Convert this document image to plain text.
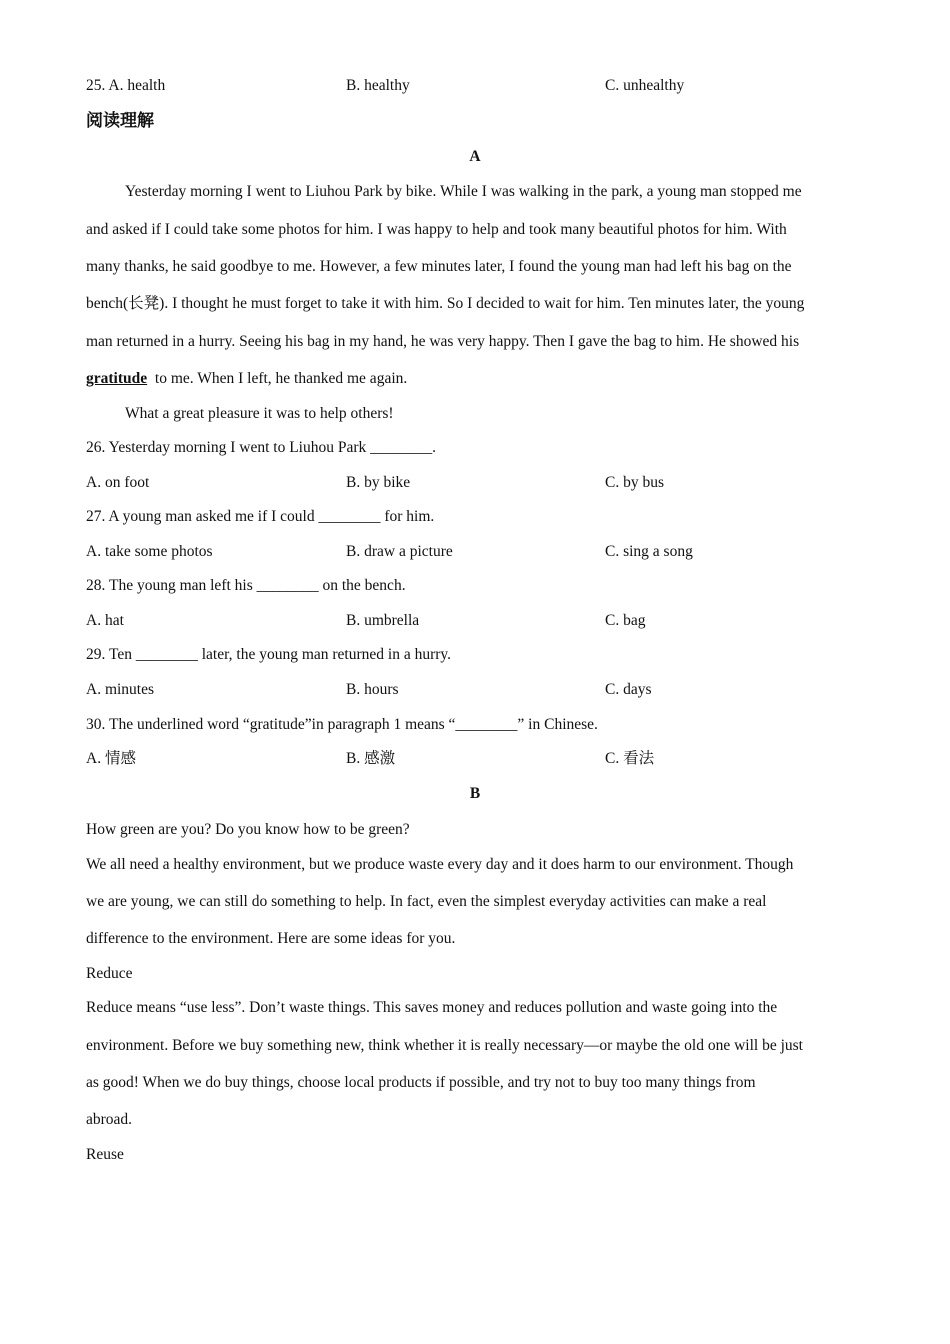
25. A. health	B. healthy	C. unhealthy
阅读理解
A
Yesterday morning I went to Liuhou Park by bike. While I was walking in the park, a young man stopped me
and asked if I could take some photos for him. I was happy to help and took many beautiful photos for him. With
many thanks, he said goodbye to me. However, a few minutes later, I found the young man had left his bag on the
bench(长凳). I thought he must forget to take it with him. So I decided to wait for him. Ten minutes later, the young
man returned in a hurry. Seeing his bag in my hand, he was very happy. Then I gave the bag to him. He showed his
gratitude to me. When I left, he thanked me again.
What a great pleasure it was to help others!
26. Yesterday morning I went to Liuhou Park ________.
A. on foot	B. by bike	C. by bus
27. A young man asked me if I could ________ for him.
A. take some photos	B. draw a picture	C. sing a song
28. The young man left his ________ on the bench.
A. hat	B. umbrella	C. bag
29. Ten ________ later, the young man returned in a hurry.
A. minutes	B. hours	C. days
30. The underlined word “gratitude”in paragraph 1 means “________” in Chinese.
A. 情感	B. 感激	C. 看法
B
How green are you? Do you know how to be green?
We all need a healthy environment, but we produce waste every day and it does harm to our environment. Though
we are young, we can still do something to help. In fact, even the simplest everyday activities can make a real
difference to the environment. Here are some ideas for you.
Reduce
Reduce means “use less”. Don’t waste things. This saves money and reduces pollution and waste going into the
environment. Before we buy something new, think whether it is really necessary—or maybe the old one will be just
as good! When we do buy things, choose local products if possible, and try not to buy too many things from
abroad.
Reuse
